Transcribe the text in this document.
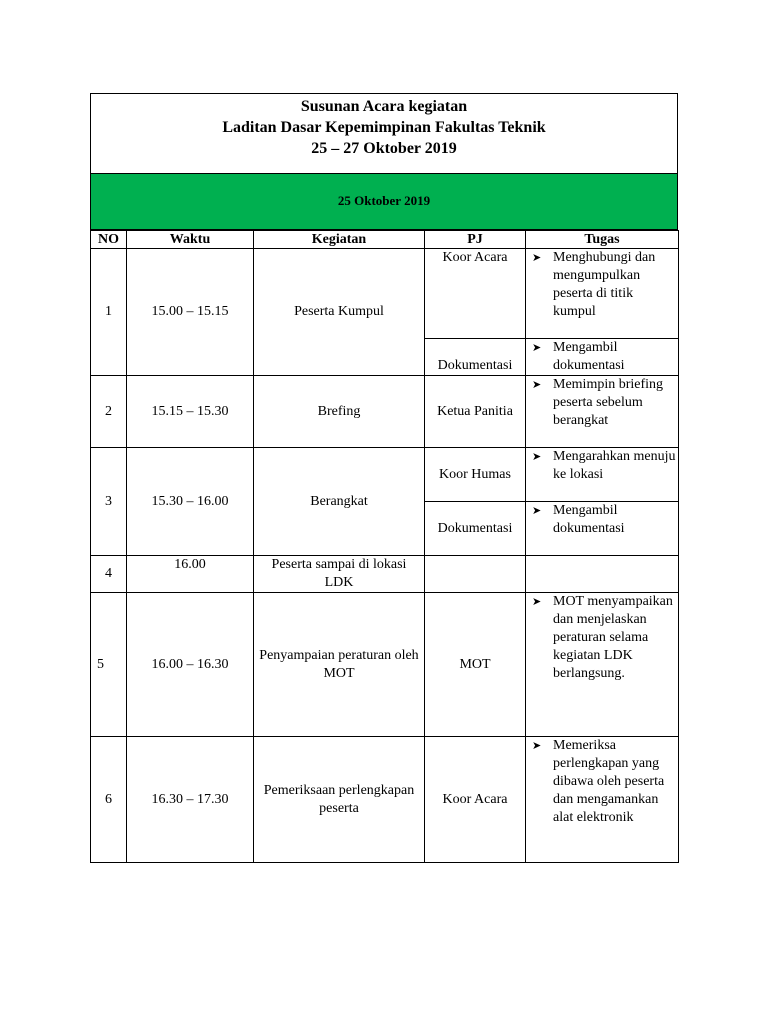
Susunan Acara kegiatan
Laditan Dasar Kepemimpinan Fakultas Teknik
25 – 27 Oktober 2019
25 Oktober 2019
NO	Waktu	Kegiatan	PJ	Tugas
1	15.00 – 15.15	Peserta Kumpul	Koor Acara	➤ Menghubungi dan mengumpulkan peserta di titik kumpul

			Dokumentasi	➤ Mengambil dokumentasi

2	15.15 – 15.30	Brefing	Ketua Panitia	➤ Memimpin briefing peserta sebelum berangkat

3	15.30 – 16.00	Berangkat	Koor Humas	➤ Mengarahkan menuju ke lokasi

			Dokumentasi	➤ Mengambil dokumentasi

4	16.00	Peserta sampai di lokasi LDK		
5	16.00 – 16.30	Penyampaian peraturan oleh MOT	MOT	➤ MOT menyampaikan dan menjelaskan peraturan selama kegiatan LDK berlangsung.

6	16.30 – 17.30	Pemeriksaan perlengkapan peserta	Koor Acara	➤ Memeriksa perlengkapan yang dibawa oleh peserta dan mengamankan alat elektronik
